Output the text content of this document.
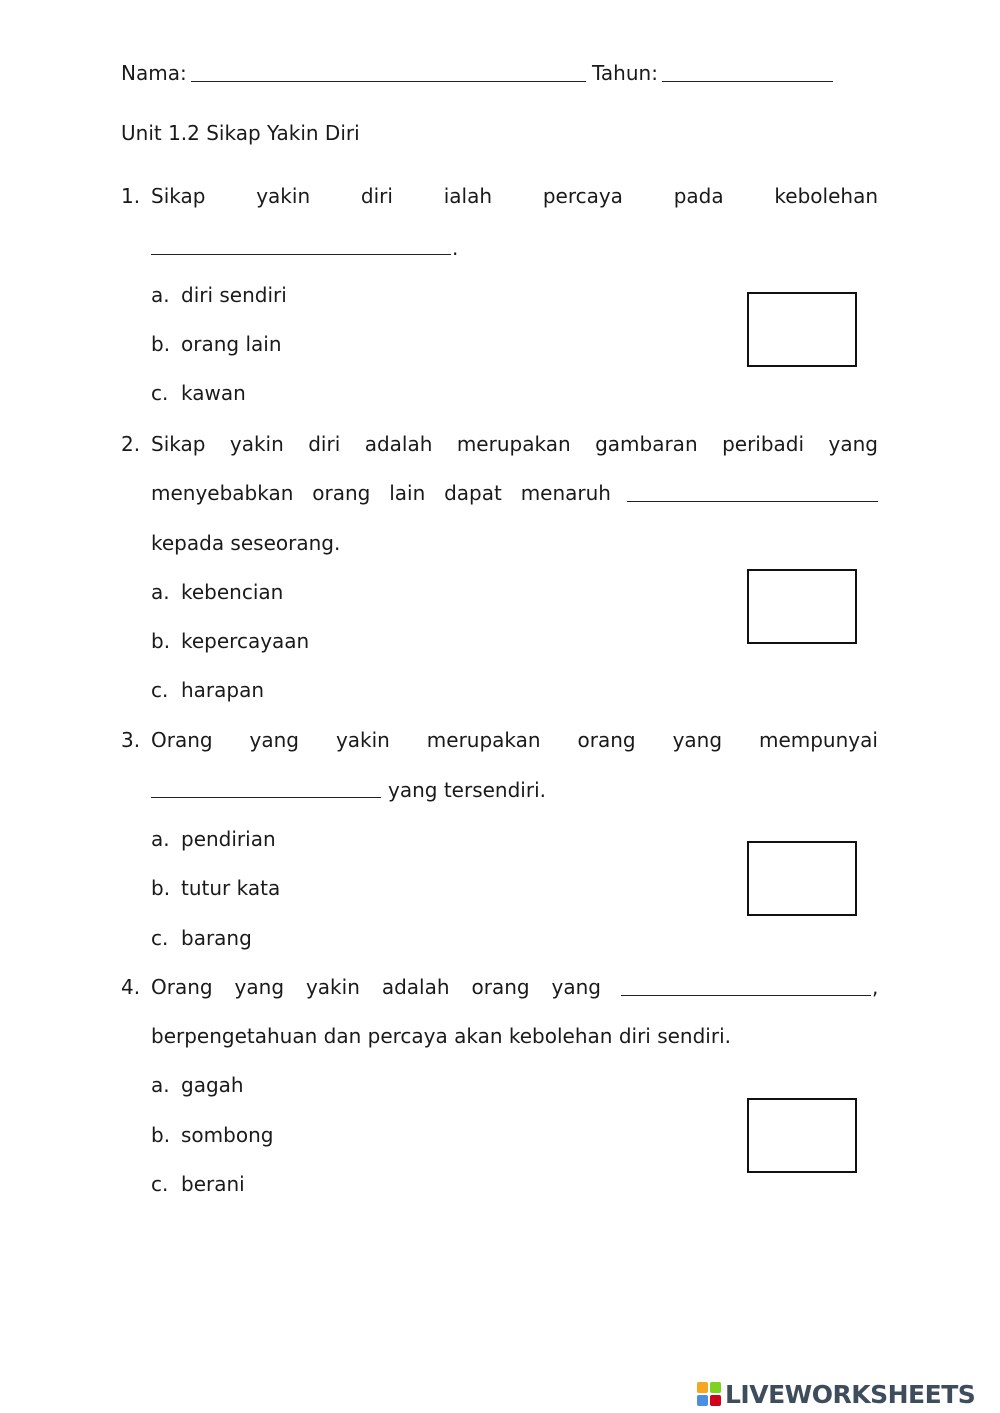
Nama:	Tahun:
Unit 1.2 Sikap Yakin Diri
1. Sikap	yakin	diri	ialah	percaya	pada	kebolehan
.
a. diri sendiri
b. orang lain
c. kawan
2. Sikap yakin diri adalah merupakan gambaran peribadi yang
menyebabkan orang lain dapat menaruh
kepada seseorang.
a. kebencian
b. kepercayaan
c. harapan
3. Orang yang yakin merupakan orang yang mempunyai
yang tersendiri.
a. pendirian
b. tutur kata
c. barang
4. Orang yang yakin adalah orang yang	,
berpengetahuan dan percaya akan kebolehan diri sendiri.
a. gagah
b. sombong
c. berani
LIVEWORKSHEETS
